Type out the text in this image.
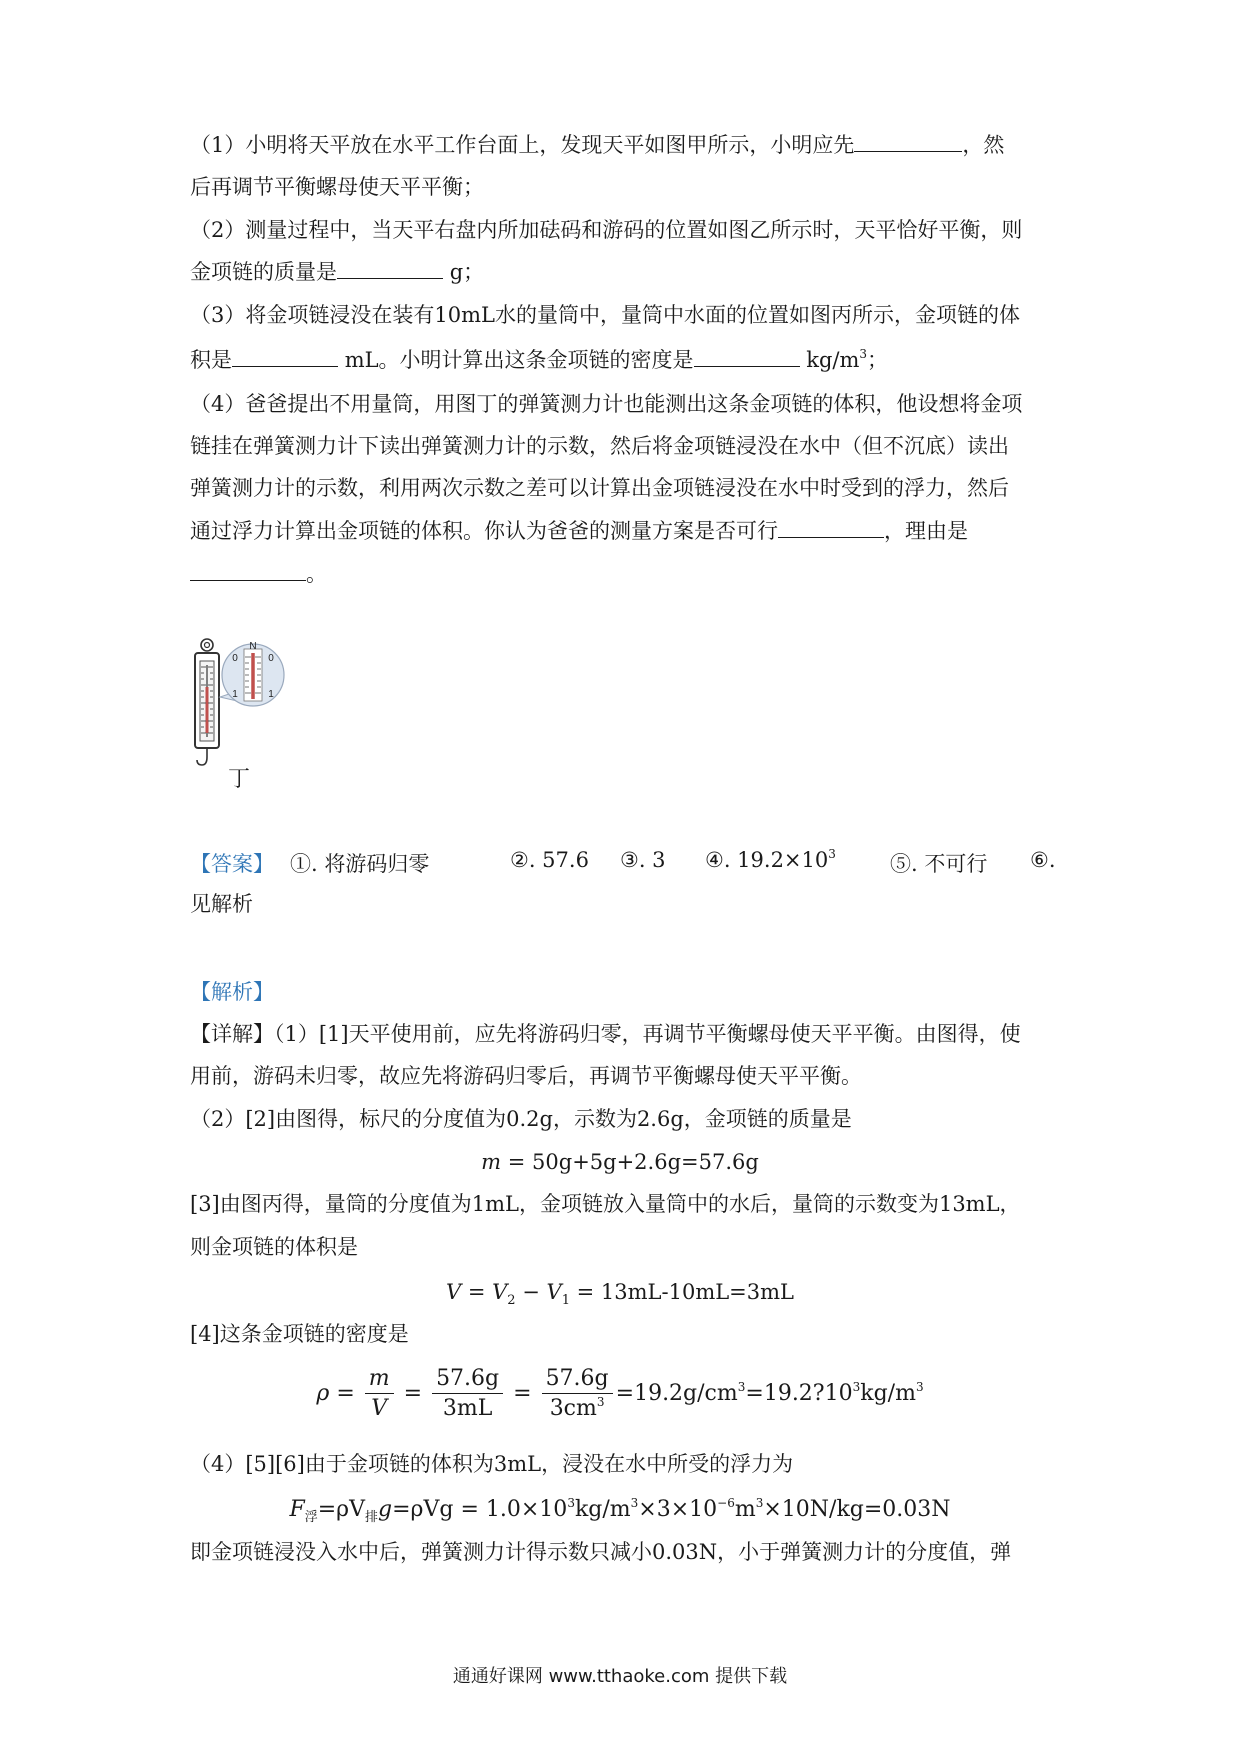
（1）小明将天平放在水平工作台面上，发现天平如图甲所示，小明应先	，然
后再调节平衡螺母使天平平衡；
（2）测量过程中，当天平右盘内所加砝码和游码的位置如图乙所示时，天平恰好平衡，则
金项链的质量是	g；
（3）将金项链浸没在装有10mL水的量筒中，量筒中水面的位置如图丙所示，金项链的体
积是	mL。小明计算出这条金项链的密度是	$kg/m^3$；
（4）爸爸提出不用量筒，用图丁的弹簧测力计也能测出这条金项链的体积，他设想将金项
链挂在弹簧测力计下读出弹簧测力计的示数，然后将金项链浸没在水中（但不沉底）读出
弹簧测力计的示数，利用两次示数之差可以计算出金项链浸没在水中时受到的浮力，然后
通过浮力计算出金项链的体积。你认为爸爸的测量方案是否可行	，理由是
。
N
0	0
1	1
丁
【答案】 ①. 将游码归零	②. 57.6 ③. 3 ④. $19.2\times 10^3$	⑤. 不可行 ⑥.
见解析
【解析】
【详解】（1）[1]天平使用前，应先将游码归零，再调节平衡螺母使天平平衡。由图得，使
用前，游码未归零，故应先将游码归零后，再调节平衡螺母使天平平衡。
（2）[2]由图得，标尺的分度值为0.2g，示数为2.6g，金项链的质量是
m = 50g+5g+2.6g=57.6g
[3]由图丙得，量筒的分度值为1mL，金项链放入量筒中的水后，量筒的示数变为13mL，
则金项链的体积是
$V = V_2 - V_1 = 13mL-10mL=3mL$
[4]这条金项链的密度是
$\rho = \frac{m}{V} = \frac{57.6g}{3mL} = \frac{57.6g}{3cm^3}$ $=19.2g/cm^3=19.2?10^3kg/m^3$
（4）[5][6]由于金项链的体积为3mL，浸没在水中所受的浮力为
$F_浮=\rho V_排g=\rho Vg = 1.0\times 10^3kg/m^3\times 3\times 10^{-6}m^3\times 10N/kg=0.03N$
即金项链浸没入水中后，弹簧测力计得示数只减小0.03N，小于弹簧测力计的分度值，弹
通通好课网 www.tthaoke.com 提供下载
